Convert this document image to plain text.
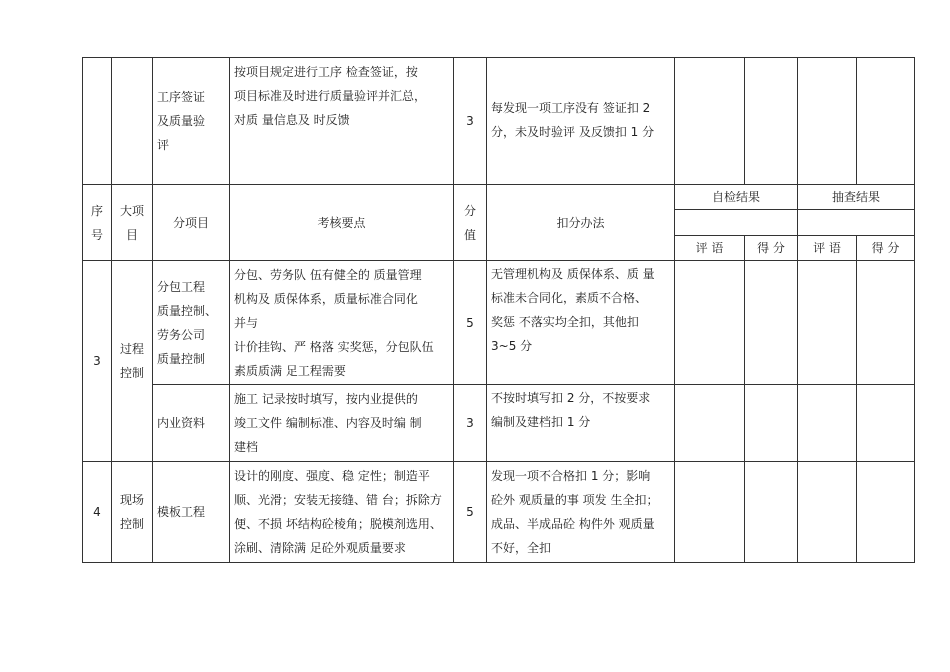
		工序签证
及质量验
评	按项目规定进行工序 检查签证，按
项目标准及时进行质量验评并汇总，
对质 量信息及 时反馈	3	每发现一项工序没有 签证扣 2
分，未及时验评 及反馈扣 1 分				

序
号	大项
目	分项目	考核要点	分
值	扣分办法	自检结果		抽查结果	

						评 语	得 分	评 语	得 分
3	过程
控制	分包工程
质量控制、
劳务公司
质量控制	分包、劳务队 伍有健全的 质量管理
机构及 质保体系，质量标准合同化
并与
计价挂钩、严 格落 实奖惩，分包队伍
素质质满 足工程需要	5	无管理机构及 质保体系、质 量
标准未合同化，素质不合格、
奖惩 不落实均全扣，其他扣
3~5 分				

		内业资料	施工 记录按时填写，按内业提供的
竣工文件 编制标准、内容及时编 制
建档	3	不按时填写扣 2 分，不按要求
编制及建档扣 1 分				

4	现场
控制	模板工程	设计的刚度、强度、稳 定性；制造平
顺、光滑；安装无接缝、错 台；拆除方
便、不损 坏结构砼棱角；脱模剂选用、
涂刷、清除满 足砼外观质量要求	5	发现一项不合格扣 1 分；影响
砼外 观质量的事 项发 生全扣；
成品、半成品砼 构件外 观质量
不好，全扣				
